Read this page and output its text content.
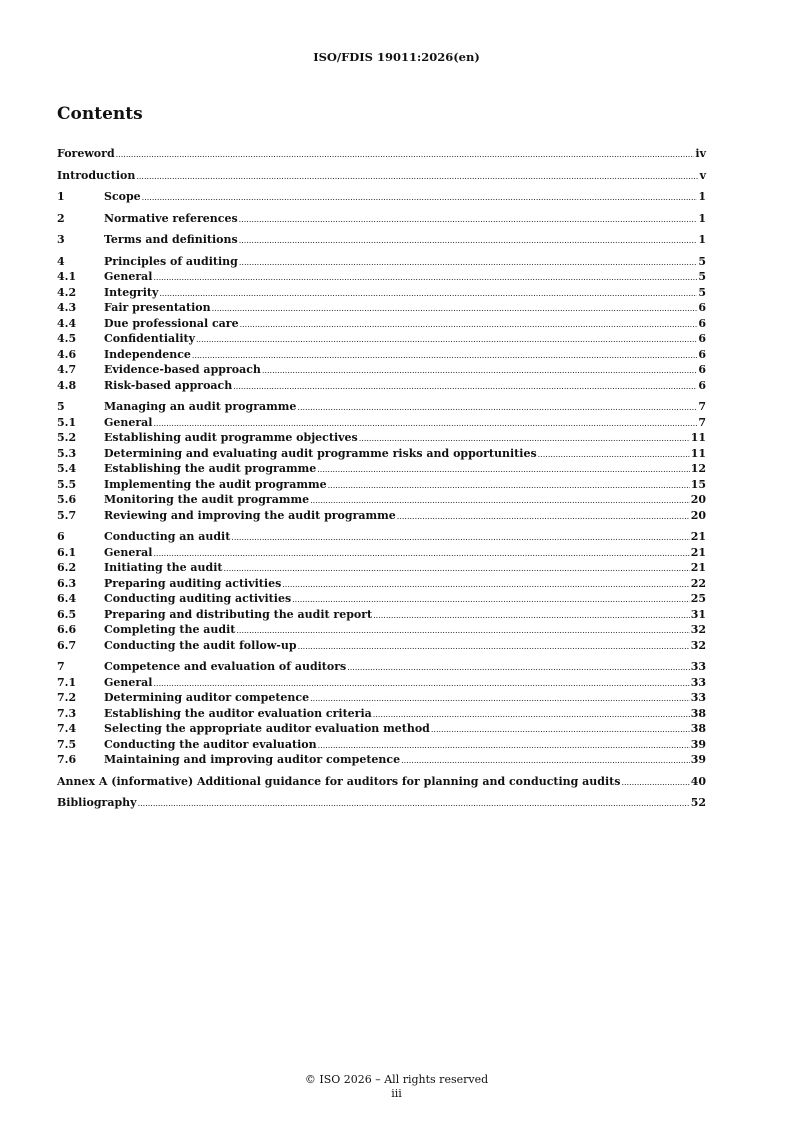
ISO/FDIS 19011:2026(en)
Contents
Foreword .....	iv
Introduction .....	v
1	Scope .....	1
2	Normative references .....	1
3	Terms and definitions .....	1
4	Principles of auditing .....	5
4.1	General .....	5
4.2	Integrity .....	5
4.3	Fair presentation .....	6
4.4	Due professional care .....	6
4.5	Confidentiality .....	6
4.6	Independence .....	6
4.7	Evidence-based approach .....	6
4.8	Risk-based approach .....	6
5	Managing an audit programme .....	7
5.1	General .....	7
5.2	Establishing audit programme objectives .....	11
5.3	Determining and evaluating audit programme risks and opportunities .....	11
5.4	Establishing the audit programme .....	12
5.5	Implementing the audit programme .....	15
5.6	Monitoring the audit programme .....	20
5.7	Reviewing and improving the audit programme .....	20
6	Conducting an audit .....	21
6.1	General .....	21
6.2	Initiating the audit .....	21
6.3	Preparing auditing activities .....	22
6.4	Conducting auditing activities .....	25
6.5	Preparing and distributing the audit report .....	31
6.6	Completing the audit .....	32
6.7	Conducting the audit follow-up .....	32
7	Competence and evaluation of auditors .....	33
7.1	General .....	33
7.2	Determining auditor competence .....	33
7.3	Establishing the auditor evaluation criteria .....	38
7.4	Selecting the appropriate auditor evaluation method .....	38
7.5	Conducting the auditor evaluation .....	39
7.6	Maintaining and improving auditor competence .....	39
Annex A (informative) Additional guidance for auditors for planning and conducting audits .....	40
Bibliography .....	52
© ISO 2026 – All rights reserved
iii
